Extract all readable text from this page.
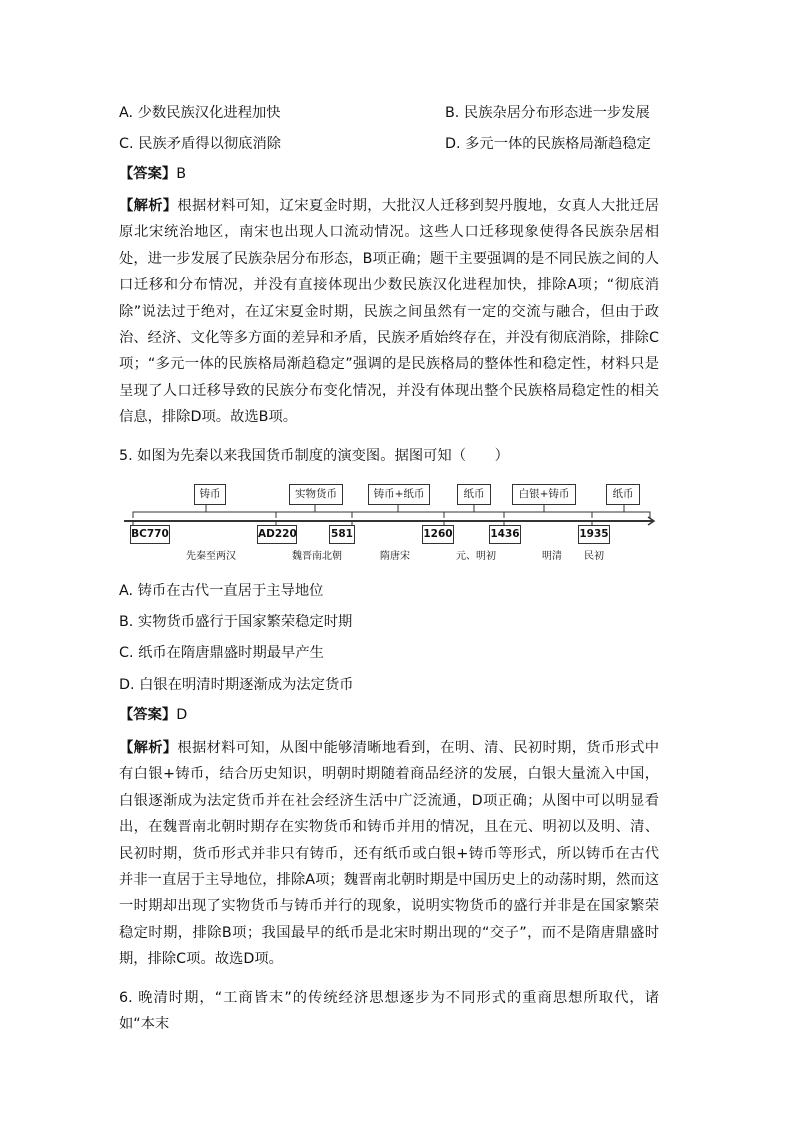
A. 少数民族汉化进程加快	B. 民族杂居分布形态进一步发展
C. 民族矛盾得以彻底消除	D. 多元一体的民族格局渐趋稳定
【答案】B
【解析】根据材料可知，辽宋夏金时期，大批汉人迁移到契丹腹地，女真人大批迁居原北宋统治地区，南宋也出现人口流动情况。这些人口迁移现象使得各民族杂居相处，进一步发展了民族杂居分布形态，B项正确；题干主要强调的是不同民族之间的人口迁移和分布情况，并没有直接体现出少数民族汉化进程加快，排除A项；“彻底消除”说法过于绝对，在辽宋夏金时期，民族之间虽然有一定的交流与融合，但由于政治、经济、文化等多方面的差异和矛盾，民族矛盾始终存在，并没有彻底消除，排除C项；“多元一体的民族格局渐趋稳定”强调的是民族格局的整体性和稳定性，材料只是呈现了人口迁移导致的民族分布变化情况，并没有体现出整个民族格局稳定性的相关信息，排除D项。故选B项。
5. 如图为先秦以来我国货币制度的演变图。据图可知（　　）
铸币	实物货币	铸币+纸币	纸币	白银+铸币	纸币
BC770	AD220	581	1260	1436	1935
先秦至两汉	魏晋南北朝	隋唐宋	元、明初	明清 民初
A. 铸币在古代一直居于主导地位
B. 实物货币盛行于国家繁荣稳定时期
C. 纸币在隋唐鼎盛时期最早产生
D. 白银在明清时期逐渐成为法定货币
【答案】D
【解析】根据材料可知，从图中能够清晰地看到，在明、清、民初时期，货币形式中有白银+铸币，结合历史知识，明朝时期随着商品经济的发展，白银大量流入中国，白银逐渐成为法定货币并在社会经济生活中广泛流通，D项正确；从图中可以明显看出，在魏晋南北朝时期存在实物货币和铸币并用的情况，且在元、明初以及明、清、民初时期，货币形式并非只有铸币，还有纸币或白银+铸币等形式，所以铸币在古代并非一直居于主导地位，排除A项；魏晋南北朝时期是中国历史上的动荡时期，然而这一时期却出现了实物货币与铸币并行的现象，说明实物货币的盛行并非是在国家繁荣稳定时期，排除B项；我国最早的纸币是北宋时期出现的“交子”，而不是隋唐鼎盛时期，排除C项。故选D项。
6. 晚清时期，“工商皆末”的传统经济思想逐步为不同形式的重商思想所取代，诸如“本末
